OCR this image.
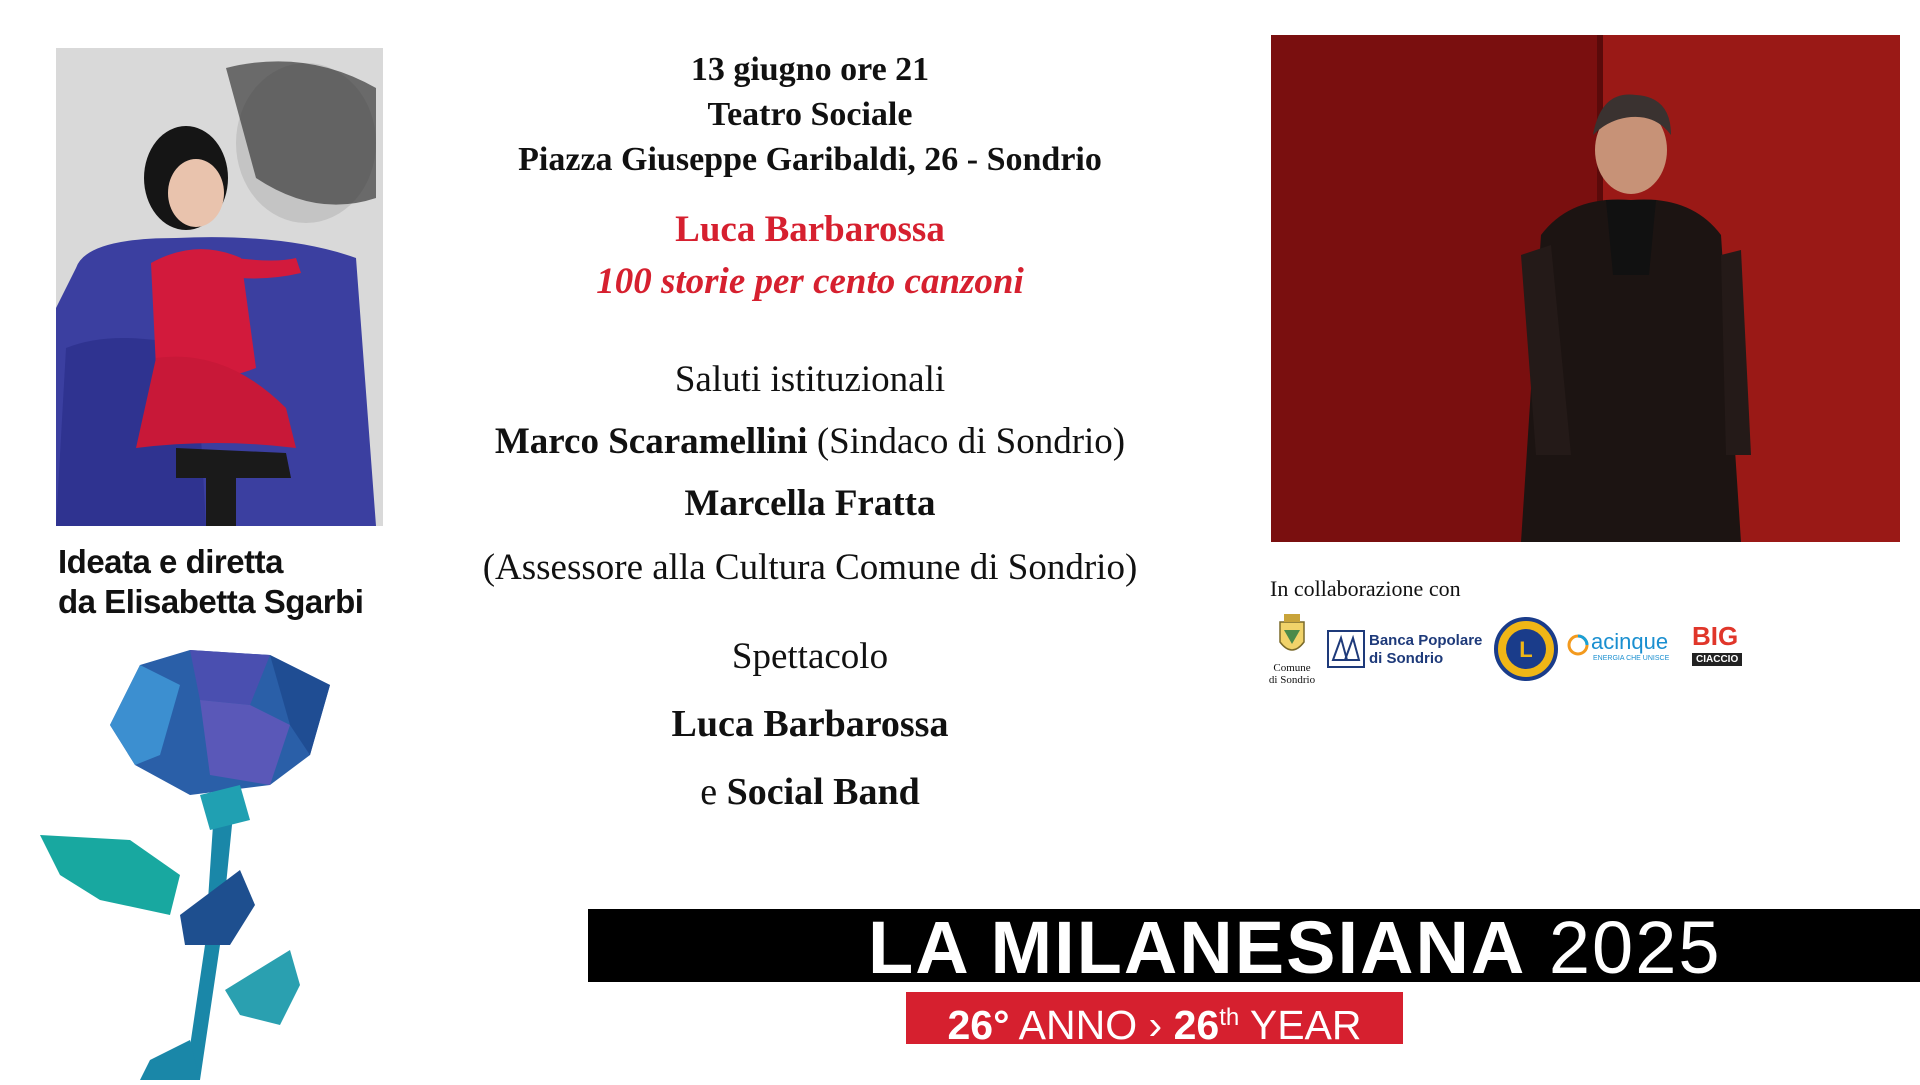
Ideata e diretta
da Elisabetta Sgarbi
13 giugno ore 21
Teatro Sociale
Piazza Giuseppe Garibaldi, 26 - Sondrio
Luca Barbarossa
100 storie per cento canzoni
Saluti istituzionali
Marco Scaramellini (Sindaco di Sondrio)
Marcella Fratta
(Assessore alla Cultura Comune di Sondrio)
Spettacolo
Luca Barbarossa
e Social Band
In collaborazione con
Comune
di Sondrio
Banca Popolare
di Sondrio	L	acinque
ENERGIA CHE UNISCE
BIG
CIACCIO
LA MILANESIANA 2025
26° ANNO › 26th YEAR
